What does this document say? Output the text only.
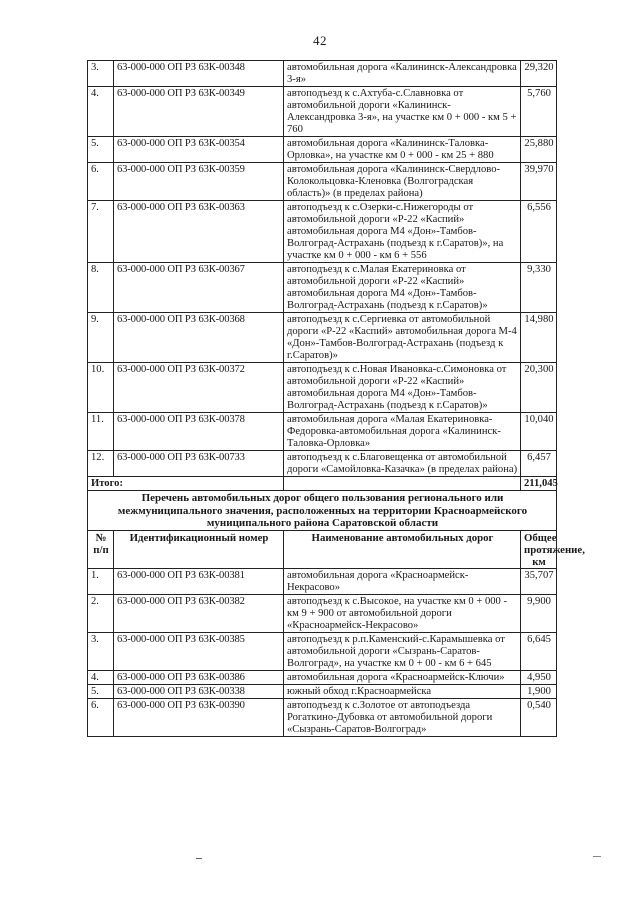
42
3.	63-000-000 ОП РЗ 63К-00348	автомобильная дорога «Калининск-Александровка 3-я»	29,320
4.	63-000-000 ОП РЗ 63К-00349	автоподъезд к с.Ахтуба-с.Славновка от автомобильной дороги «Калининск-Александровка 3-я», на участке км 0 + 000 - км 5 + 760	5,760
5.	63-000-000 ОП РЗ 63К-00354	автомобильная дорога «Калининск-Таловка-Орловка», на участке км 0 + 000 - км 25 + 880	25,880
6.	63-000-000 ОП РЗ 63К-00359	автомобильная дорога «Калининск-Свердлово-Колокольцовка-Кленовка (Волгоградская область)» (в пределах района)	39,970
7.	63-000-000 ОП РЗ 63К-00363	автоподъезд к с.Озерки-с.Нижегороды от автомобильной дороги «Р-22 «Каспий» автомобильная дорога М4 «Дон»-Тамбов-Волгоград-Астрахань (подъезд к г.Саратов)», на участке км 0 + 000 - км 6 + 556	6,556
8.	63-000-000 ОП РЗ 63К-00367	автоподъезд к с.Малая Екатериновка от автомобильной дороги «Р-22 «Каспий» автомобильная дорога М4 «Дон»-Тамбов-Волгоград-Астрахань (подъезд к г.Саратов)»	9,330
9.	63-000-000 ОП РЗ 63К-00368	автоподъезд к с.Сергиевка от автомобильной дороги «Р-22 «Каспий» автомобильная дорога М-4 «Дон»-Тамбов-Волгоград-Астрахань (подъезд к г.Саратов)»	14,980
10.	63-000-000 ОП РЗ 63К-00372	автоподъезд к с.Новая Ивановка-с.Симоновка от автомобильной дороги «Р-22 «Каспий» автомобильная дорога М4 «Дон»-Тамбов-Волгоград-Астрахань (подъезд к г.Саратов)»	20,300
11.	63-000-000 ОП РЗ 63К-00378	автомобильная дорога «Малая Екатериновка-Федоровка-автомобильная дорога «Калининск-Таловка-Орловка»	10,040
12.	63-000-000 ОП РЗ 63К-00733	автоподъезд к с.Благовещенка от автомобильной дороги «Самойловка-Казачка» (в пределах района)	6,457
Итого:			211,045
Перечень автомобильных дорог общего пользования регионального или межмуниципального значения, расположенных на территории Красноармейского муниципального района Саратовской области			
№ п/п	Идентификационный номер	Наименование автомобильных дорог	Общее протяжение, км
1.	63-000-000 ОП РЗ 63К-00381	автомобильная дорога «Красноармейск-Некрасово»	35,707
2.	63-000-000 ОП РЗ 63К-00382	автоподъезд к с.Высокое, на участке км 0 + 000 - км 9 + 900 от автомобильной дороги «Красноармейск-Некрасово»	9,900
3.	63-000-000 ОП РЗ 63К-00385	автоподъезд к р.п.Каменский-с.Карамышевка от автомобильной дороги «Сызрань-Саратов-Волгоград», на участке км 0 + 00 - км 6 + 645	6,645
4.	63-000-000 ОП РЗ 63К-00386	автомобильная дорога «Красноармейск-Ключи»	4,950
5.	63-000-000 ОП РЗ 63К-00338	южный обход г.Красноармейска	1,900
6.	63-000-000 ОП РЗ 63К-00390	автоподъезд к с.Золотое от автоподъезда Рогаткино-Дубовка от автомобильной дороги «Сызрань-Саратов-Волгоград»	0,540
